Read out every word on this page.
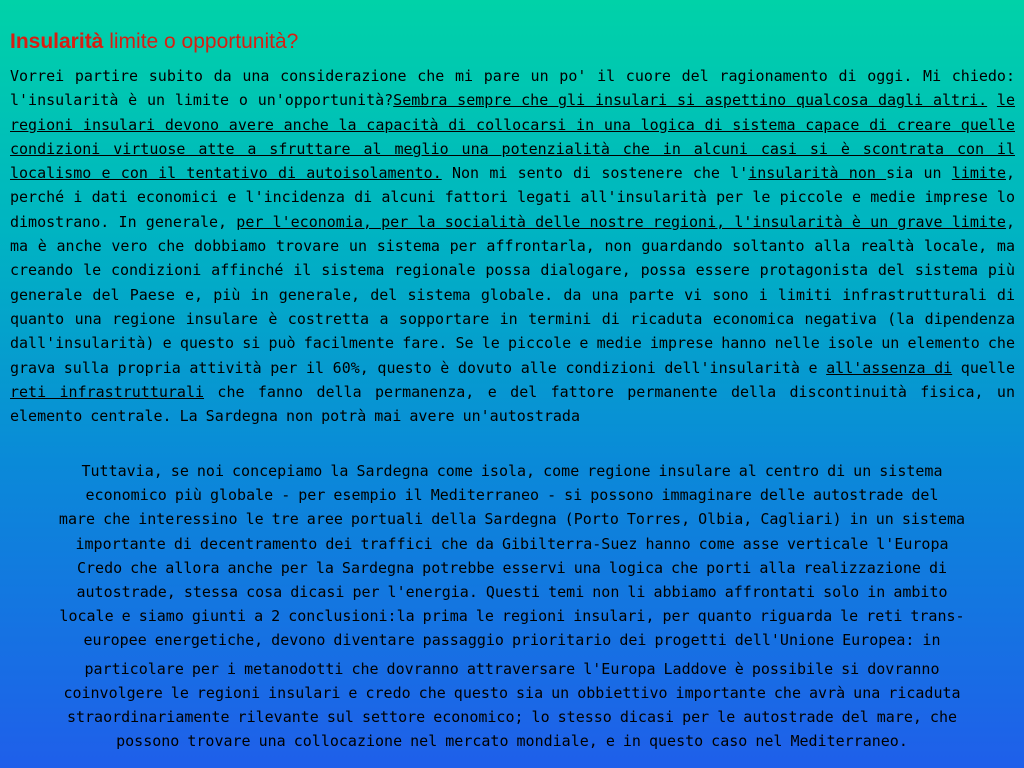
Insularità limite o opportunità?
Vorrei partire subito da una considerazione che mi pare un po' il cuore del ragionamento di oggi. Mi chiedo: l'insularità è un limite o un'opportunità?Sembra sempre che gli insulari si aspettino qualcosa dagli altri. le regioni insulari devono avere anche la capacità di collocarsi in una logica di sistema capace di creare quelle condizioni virtuose atte a sfruttare al meglio una potenzialità che in alcuni casi si è scontrata con il localismo e con il tentativo di autoisolamento. Non mi sento di sostenere che l'insularità non sia un limite, perché i dati economici e l'incidenza di alcuni fattori legati all'insularità per le piccole e medie imprese lo dimostrano. In generale, per l'economia, per la socialità delle nostre regioni, l'insularità è un grave limite, ma è anche vero che dobbiamo trovare un sistema per affrontarla, non guardando soltanto alla realtà locale, ma creando le condizioni affinché il sistema regionale possa dialogare, possa essere protagonista del sistema più generale del Paese e, più in generale, del sistema globale. da una parte vi sono i limiti infrastrutturali di quanto una regione insulare è costretta a sopportare in termini di ricaduta economica negativa (la dipendenza dall'insularità) e questo si può facilmente fare. Se le piccole e medie imprese hanno nelle isole un elemento che grava sulla propria attività per il 60%, questo è dovuto alle condizioni dell'insularità e all'assenza di quelle reti infrastrutturali che fanno della permanenza, e del fattore permanente della discontinuità fisica, un elemento centrale. La Sardegna non potrà mai avere un'autostrada
Tuttavia, se noi concepiamo la Sardegna come isola, come regione insulare al centro di un sistema
economico più globale - per esempio il Mediterraneo - si possono immaginare delle autostrade del
mare che interessino le tre aree portuali della Sardegna (Porto Torres, Olbia, Cagliari) in un sistema
importante di decentramento dei traffici che da Gibilterra-Suez hanno come asse verticale l'Europa
Credo che allora anche per la Sardegna potrebbe esservi una logica che porti alla realizzazione di
autostrade, stessa cosa dicasi per l'energia. Questi temi non li abbiamo affrontati solo in ambito
locale e siamo giunti a 2 conclusioni:la prima le regioni insulari, per quanto riguarda le reti trans-
europee energetiche, devono diventare passaggio prioritario dei progetti dell'Unione Europea: in
particolare per i metanodotti che dovranno attraversare l'Europa Laddove è possibile si dovranno
coinvolgere le regioni insulari e credo che questo sia un obbiettivo importante che avrà una ricaduta
straordinariamente rilevante sul settore economico; lo stesso dicasi per le autostrade del mare, che
possono trovare una collocazione nel mercato mondiale, e in questo caso nel Mediterraneo.
